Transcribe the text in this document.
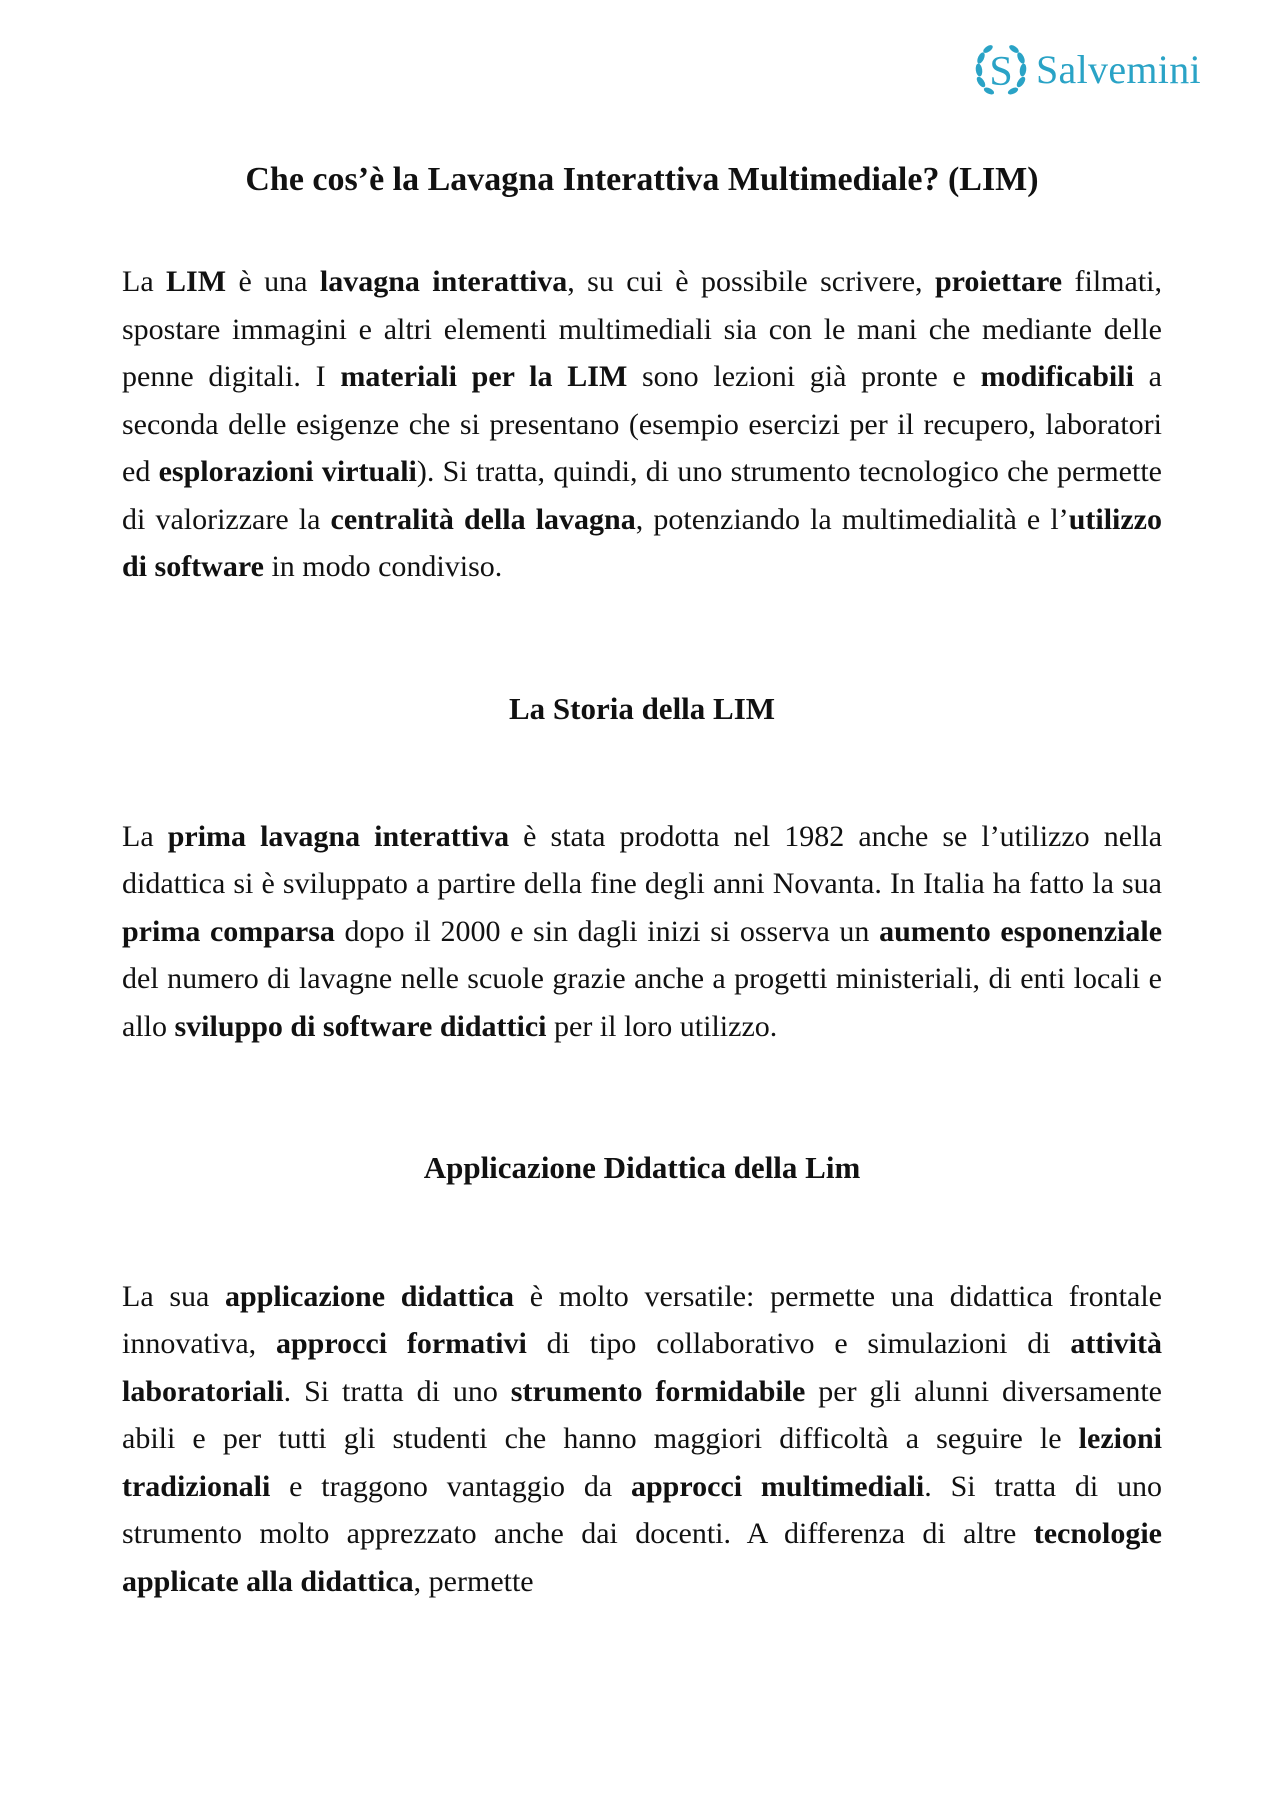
S Salvemini
Che cos’è la Lavagna Interattiva Multimediale? (LIM)

La LIM è una lavagna interattiva, su cui è possibile scrivere, proiettare filmati, spostare immagini e altri elementi multimediali sia con le mani che mediante delle penne digitali. I materiali per la LIM sono lezioni già pronte e modificabili a seconda delle esigenze che si presentano (esempio esercizi per il recupero, laboratori ed esplorazioni virtuali). Si tratta, quindi, di uno strumento tecnologico che permette di valorizzare la centralità della lavagna, potenziando la multimedialità e l’utilizzo di software in modo condiviso.

La Storia della LIM

La prima lavagna interattiva è stata prodotta nel 1982 anche se l’utilizzo nella didattica si è sviluppato a partire della fine degli anni Novanta. In Italia ha fatto la sua prima comparsa dopo il 2000 e sin dagli inizi si osserva un aumento esponenziale del numero di lavagne nelle scuole grazie anche a progetti ministeriali, di enti locali e allo sviluppo di software didattici per il loro utilizzo.

Applicazione Didattica della Lim

La sua applicazione didattica è molto versatile: permette una didattica frontale innovativa, approcci formativi di tipo collaborativo e simulazioni di attività laboratoriali. Si tratta di uno strumento formidabile per gli alunni diversamente abili e per tutti gli studenti che hanno maggiori difficoltà a seguire le lezioni tradizionali e traggono vantaggio da approcci multimediali. Si tratta di uno strumento molto apprezzato anche dai docenti. A differenza di altre tecnologie applicate alla didattica, permette
